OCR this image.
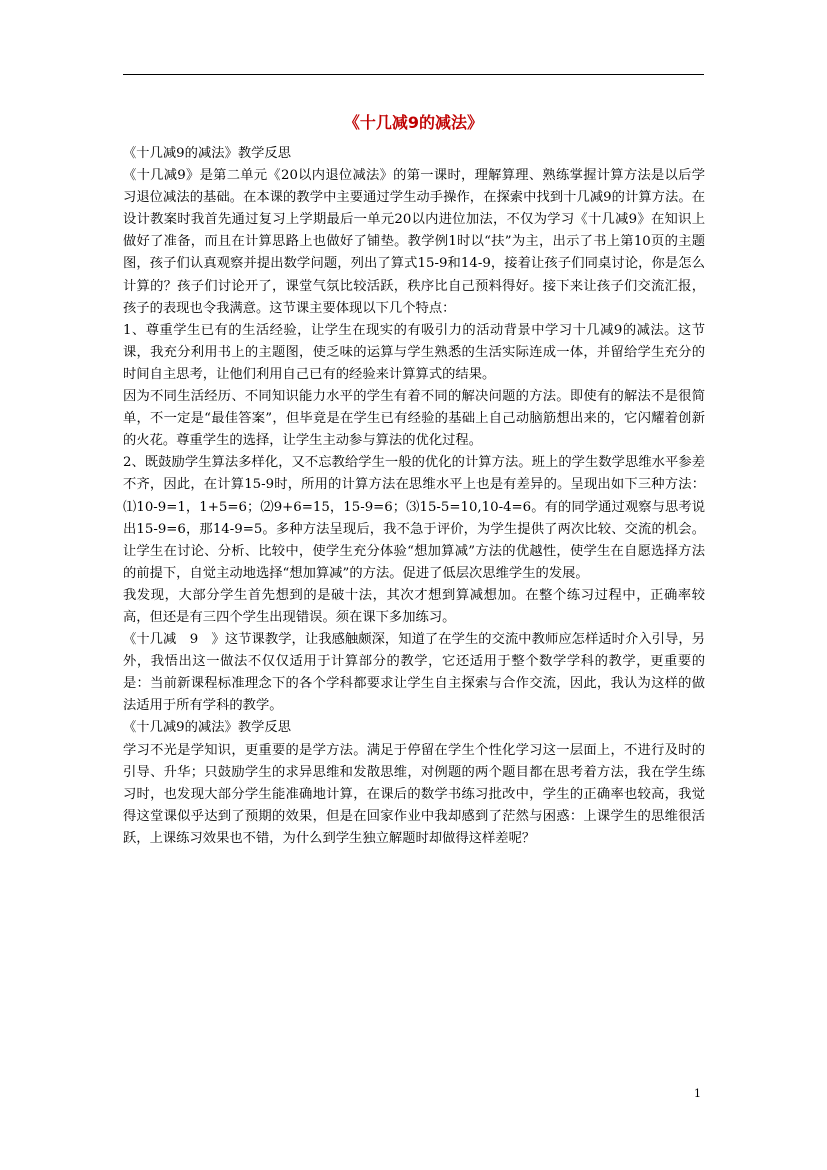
《十几减9的减法》

《十几减9的减法》教学反思

《十几减9》是第二单元《20以内退位减法》的第一课时，理解算理、熟练掌握计算方法是以后学习退位减法的基础。在本课的教学中主要通过学生动手操作，在探索中找到十几减9的计算方法。在设计教案时我首先通过复习上学期最后一单元20以内进位加法，不仅为学习《十几减9》在知识上做好了准备，而且在计算思路上也做好了铺垫。教学例1时以“扶”为主，出示了书上第10页的主题图，孩子们认真观察并提出数学问题，列出了算式15-9和14-9，接着让孩子们同桌讨论，你是怎么计算的？孩子们讨论开了，课堂气氛比较活跃，秩序比自己预料得好。接下来让孩子们交流汇报，孩子的表现也令我满意。这节课主要体现以下几个特点：

1、尊重学生已有的生活经验，让学生在现实的有吸引力的活动背景中学习十几减9的减法。这节课，我充分利用书上的主题图，使乏味的运算与学生熟悉的生活实际连成一体，并留给学生充分的时间自主思考，让他们利用自己已有的经验来计算算式的结果。

因为不同生活经历、不同知识能力水平的学生有着不同的解决问题的方法。即使有的解法不是很简单，不一定是“最佳答案”，但毕竟是在学生已有经验的基础上自己动脑筋想出来的，它闪耀着创新的火花。尊重学生的选择，让学生主动参与算法的优化过程。

2、既鼓励学生算法多样化，又不忘教给学生一般的优化的计算方法。班上的学生数学思维水平参差不齐，因此，在计算15-9时，所用的计算方法在思维水平上也是有差异的。呈现出如下三种方法：⑴10-9=1，1+5=6；⑵9+6=15，15-9=6；⑶15-5=10,10-4=6。有的同学通过观察与思考说出15-9=6，那14-9=5。多种方法呈现后，我不急于评价，为学生提供了两次比较、交流的机会。让学生在讨论、分析、比较中，使学生充分体验“想加算减”方法的优越性，使学生在自愿选择方法的前提下，自觉主动地选择“想加算减”的方法。促进了低层次思维学生的发展。

我发现，大部分学生首先想到的是破十法，其次才想到算减想加。在整个练习过程中，正确率较高，但还是有三四个学生出现错误。须在课下多加练习。

《十几减　9　》这节课教学，让我感触颇深，知道了在学生的交流中教师应怎样适时介入引导，另外，我悟出这一做法不仅仅适用于计算部分的教学，它还适用于整个数学学科的教学，更重要的是：当前新课程标准理念下的各个学科都要求让学生自主探索与合作交流，因此，我认为这样的做法适用于所有学科的教学。

《十几减9的减法》教学反思

学习不光是学知识，更重要的是学方法。满足于停留在学生个性化学习这一层面上，不进行及时的引导、升华；只鼓励学生的求异思维和发散思维，对例题的两个题目都在思考着方法，我在学生练习时，也发现大部分学生能准确地计算，在课后的数学书练习批改中，学生的正确率也较高，我觉得这堂课似乎达到了预期的效果，但是在回家作业中我却感到了茫然与困惑：上课学生的思维很活跃，上课练习效果也不错，为什么到学生独立解题时却做得这样差呢？

1
